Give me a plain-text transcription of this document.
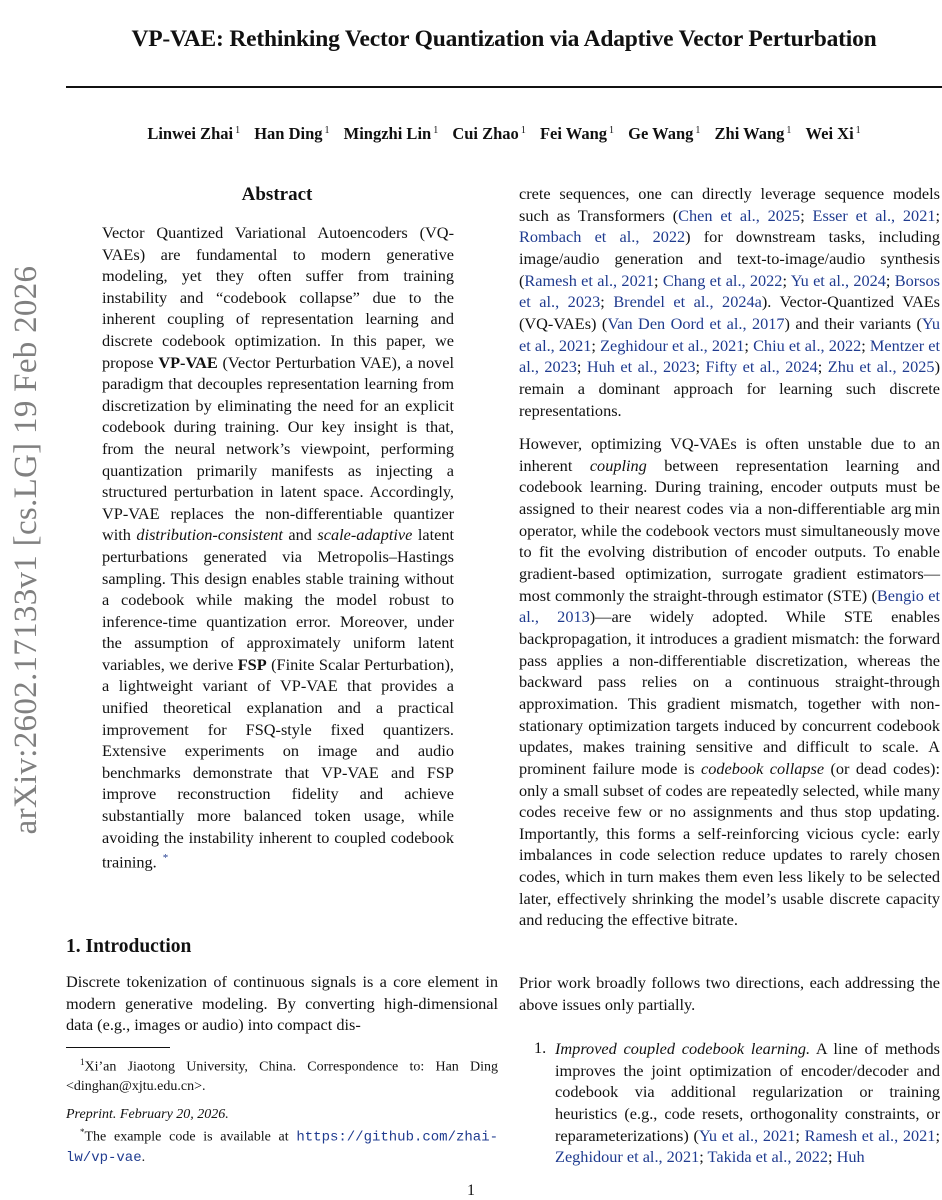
VP-VAE: Rethinking Vector Quantization via Adaptive Vector Perturbation
Linwei Zhai $^1$ Han Ding $^1$ Mingzhi Lin $^1$ Cui Zhao $^1$ Fei Wang $^1$ Ge Wang $^1$ Zhi Wang $^1$ Wei Xi $^1$
arXiv:2602.17133v1 [cs.LG] 19 Feb 2026
Abstract
Vector Quantized Variational Autoencoders (VQ-VAEs) are fundamental to modern generative modeling, yet they often suffer from training instability and “codebook collapse” due to the inherent coupling of representation learning and discrete codebook optimization. In this paper, we propose VP-VAE (Vector Perturbation VAE), a novel paradigm that decouples representation learning from discretization by eliminating the need for an explicit codebook during training. Our key insight is that, from the neural network’s viewpoint, performing quantization primarily manifests as injecting a structured perturbation in latent space. Accordingly, VP-VAE replaces the non-differentiable quantizer with distribution-consistent and scale-adaptive latent perturbations generated via Metropolis–Hastings sampling. This design enables stable training without a codebook while making the model robust to inference-time quantization error. Moreover, under the assumption of approximately uniform latent variables, we derive FSP (Finite Scalar Perturbation), a lightweight variant of VP-VAE that provides a unified theoretical explanation and a practical improvement for FSQ-style fixed quantizers. Extensive experiments on image and audio benchmarks demonstrate that VP-VAE and FSP improve reconstruction fidelity and achieve substantially more balanced token usage, while avoiding the instability inherent to coupled codebook training. *
1. Introduction
Discrete tokenization of continuous signals is a core element in modern generative modeling. By converting high-dimensional data (e.g., images or audio) into compact dis-
$^1$Xi’an Jiaotong University, China. Correspondence to: Han Ding <dinghan@xjtu.edu.cn>.
Preprint. February 20, 2026.
*The example code is available at https://github.com/zhai-lw/vp-vae.
crete sequences, one can directly leverage sequence models such as Transformers (Chen et al., 2025; Esser et al., 2021; Rombach et al., 2022) for downstream tasks, including image/audio generation and text-to-image/audio synthesis (Ramesh et al., 2021; Chang et al., 2022; Yu et al., 2024; Borsos et al., 2023; Brendel et al., 2024a). Vector-Quantized VAEs (VQ-VAEs) (Van Den Oord et al., 2017) and their variants (Yu et al., 2021; Zeghidour et al., 2021; Chiu et al., 2022; Mentzer et al., 2023; Huh et al., 2023; Fifty et al., 2024; Zhu et al., 2025) remain a dominant approach for learning such discrete representations.
However, optimizing VQ-VAEs is often unstable due to an inherent coupling between representation learning and codebook learning. During training, encoder outputs must be assigned to their nearest codes via a non-differentiable arg min operator, while the codebook vectors must simultaneously move to fit the evolving distribution of encoder outputs. To enable gradient-based optimization, surrogate gradient estimators—most commonly the straight-through estimator (STE) (Bengio et al., 2013)—are widely adopted. While STE enables backpropagation, it introduces a gradient mismatch: the forward pass applies a non-differentiable discretization, whereas the backward pass relies on a continuous straight-through approximation. This gradient mismatch, together with non-stationary optimization targets induced by concurrent codebook updates, makes training sensitive and difficult to scale. A prominent failure mode is codebook collapse (or dead codes): only a small subset of codes are repeatedly selected, while many codes receive few or no assignments and thus stop updating. Importantly, this forms a self-reinforcing vicious cycle: early imbalances in code selection reduce updates to rarely chosen codes, which in turn makes them even less likely to be selected later, effectively shrinking the model’s usable discrete capacity and reducing the effective bitrate.
Prior work broadly follows two directions, each addressing the above issues only partially.
1. Improved coupled codebook learning. A line of methods improves the joint optimization of encoder/decoder and codebook via additional regularization or training heuristics (e.g., code resets, orthogonality constraints, or reparameterizations) (Yu et al., 2021; Ramesh et al., 2021; Zeghidour et al., 2021; Takida et al., 2022; Huh
1
